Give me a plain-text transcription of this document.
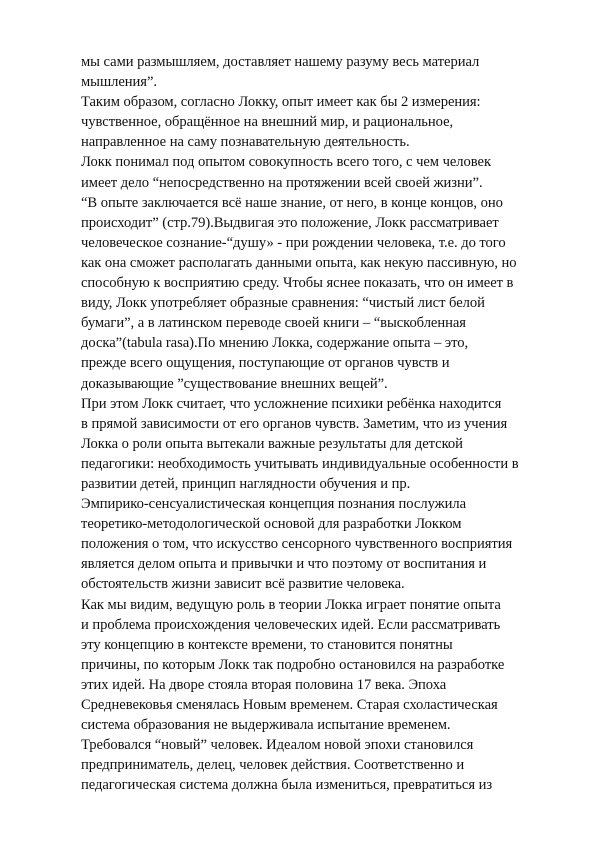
мы сами размышляем, доставляет нашему разуму весь материал
мышления”.
Таким образом, согласно Локку, опыт имеет как бы 2 измерения:
чувственное, обращённое на внешний мир, и рациональное,
направленное на саму познавательную деятельность.
Локк понимал под опытом совокупность всего того, с чем человек
имеет дело “непосредственно на протяжении всей своей жизни”.
“В опыте заключается всё наше знание, от него, в конце концов, оно
происходит” (стр.79).Выдвигая это положение, Локк рассматривает
человеческое сознание-“душу» - при рождении человека, т.е. до того
как она сможет располагать данными опыта, как некую пассивную, но
способную к восприятию среду. Чтобы яснее показать, что он имеет в
виду, Локк употребляет образные сравнения: “чистый лист белой
бумаги”, а в латинском переводе своей книги – “выскобленная
доска”(tabula rasa).По мнению Локка, содержание опыта – это,
прежде всего ощущения, поступающие от органов чувств и
доказывающие ”существование внешних вещей”.
При этом Локк считает, что усложнение психики ребёнка находится
в прямой зависимости от его органов чувств. Заметим, что из учения
Локка о роли опыта вытекали важные результаты для детской
педагогики: необходимость учитывать индивидуальные особенности в
развитии детей, принцип наглядности обучения и пр.
Эмпирико-сенсуалистическая концепция познания послужила
теоретико-методологической основой для разработки Локком
положения о том, что искусство сенсорного чувственного восприятия
является делом опыта и привычки и что поэтому от воспитания и
обстоятельств жизни зависит всё развитие человека.
Как мы видим, ведущую роль в теории Локка играет понятие опыта
и проблема происхождения человеческих идей. Если рассматривать
эту концепцию в контексте времени, то становится понятны
причины, по которым Локк так подробно остановился на разработке
этих идей. На дворе стояла вторая половина 17 века. Эпоха
Средневековья сменялась Новым временем. Старая схоластическая
система образования не выдерживала испытание временем.
Требовался “новый” человек. Идеалом новой эпохи становился
предприниматель, делец, человек действия. Соответственно и
педагогическая система должна была измениться, превратиться из
